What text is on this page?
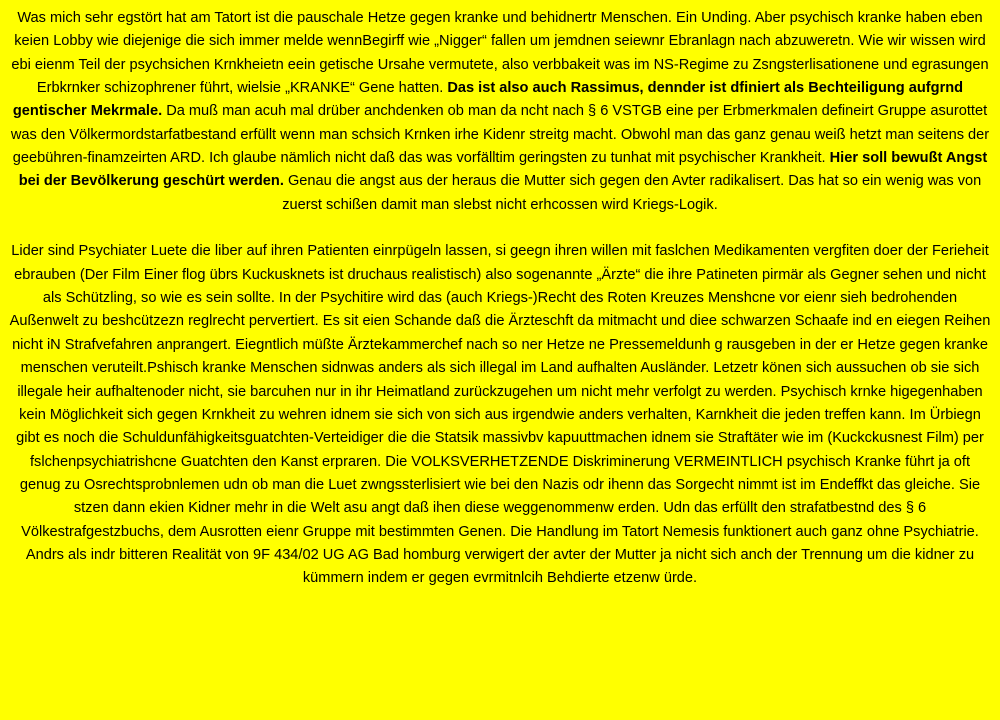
Was mich sehr egstört hat am Tatort ist die pauschale Hetze gegen kranke und behidnertr Menschen. Ein Unding. Aber psychisch kranke haben eben keien Lobby wie diejenige die sich immer melde wennBegirff wie „Nigger“ fallen um jemdnen seiewnr Ebranlagn nach abzuweretn. Wie wir wissen wird ebi eienm Teil der psychsichen Krnkheietn eein getische Ursahe vermutete, also verbbakeit was im NS-Regime zu Zsngsterlisationene und egrasungen Erbkrnker schizophrener führt, wielsie „KRANKE“ Gene hatten. Das ist also auch Rassimus, dennder ist dfiniert als Bechteiligung aufgrnd gentischer Mekrmale. Da muß man acuh mal drüber anchdenken ob man da ncht nach § 6 VSTGB eine per Erbmerkmalen defineirt Gruppe asurottet was den Völkermordstarfatbestand erfüllt wenn man schsich Krnken irhe Kidenr streitg macht. Obwohl man das ganz genau weiß hetzt man seitens der geebühren-finamzeirten ARD. Ich glaube nämlich nicht daß das was vorfälltim geringsten zu tunhat mit psychischer Krankheit. Hier soll bewußt Angst bei der Bevölkerung geschürt werden. Genau die angst aus der heraus die Mutter sich gegen den Avter radikalisert. Das hat so ein wenig was von zuerst schißen damit man slebst nicht erhcossen wird Kriegs-Logik.

Lider sind Psychiater Luete die liber auf ihren Patienten einrpügeln lassen, si geegn ihren willen mit faslchen Medikamenten vergfiten doer der Ferieheit ebrauben (Der Film Einer flog übrs Kuckusknets ist druchaus realistisch) also sogenannte „Ärzte“ die ihre Patineten pirmär als Gegner sehen und nicht als Schützling, so wie es sein sollte. In der Psychitire wird das (auch Kriegs-)Recht des Roten Kreuzes Menshcne vor eienr sieh bedrohenden Außenwelt zu beshcützezn reglrecht pervertiert. Es sit eien Schande daß die Ärzteschft da mitmacht und diee schwarzen Schaafe ind en eiegen Reihen nicht iN Strafvefahren anprangert. Eiegntlich müßte Ärztekammerchef nach so ner Hetze ne Pressemeldunh g rausgeben in der er Hetze gegen kranke menschen veruteilt.Pshisch kranke Menschen sidnwas anders als sich illegal im Land aufhalten Ausländer. Letzetr könen sich aussuchen ob sie sich illegale heir aufhaltenoder nicht, sie barcuhen nur in ihr Heimatland zurückzugehen um nicht mehr verfolgt zu werden. Psychisch krnke higegenhaben kein Möglichkeit sich gegen Krnkheit zu wehren idnem sie sich von sich aus irgendwie anders verhalten, Karnkheit die jeden treffen kann. Im Ürbiegn gibt es noch die Schuldunfähigkeitsguatchten-Verteidiger die die Statsik massivbv kapuuttmachen idnem sie Straftäter wie im (Kuckckusnest Film) per fslchenpsychiatrishcne Guatchten den Kanst erpraren. Die VOLKSVERHETZENDE Diskriminerung VERMEINTLICH psychisch Kranke führt ja oft genug zu Osrechtsprobnlemen udn ob man die Luet zwngssterlisiert wie bei den Nazis odr ihenn das Sorgecht nimmt ist im Endeffkt das gleiche. Sie stzen dann ekien Kidner mehr in die Welt asu angt daß ihen diese weggenommenw erden. Udn das erfüllt den strafatbestnd des § 6 Völkestrafgestzbuchs, dem Ausrotten eienr Gruppe mit bestimmten Genen. Die Handlung im Tatort Nemesis funktionert auch ganz ohne Psychiatrie. Andrs als indr bitteren Realität von 9F 434/02 UG AG Bad homburg verwigert der avter der Mutter ja nicht sich anch der Trennung um die kidner zu kümmern indem er gegen evrmitnlcih Behdierte etzenw ürde.
